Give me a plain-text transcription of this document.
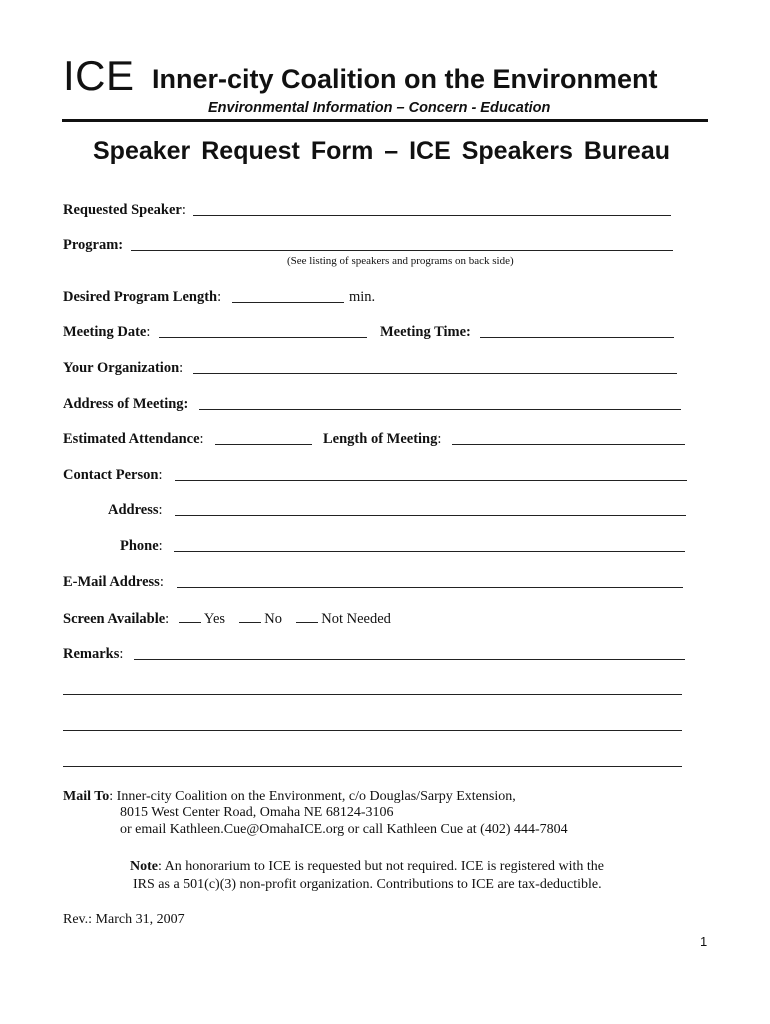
ICE Inner-city Coalition on the Environment
Environmental Information – Concern - Education
Speaker Request Form – ICE Speakers Bureau
Requested Speaker:
Program:
(See listing of speakers and programs on back side)
Desired Program Length:	min.
Meeting Date:	Meeting Time:
Your Organization:
Address of Meeting:
Estimated Attendance:	Length of Meeting:
Contact Person:
Address:
Phone:
E-Mail Address:
Screen Available: Yes	No	Not Needed
Remarks:
Mail To: Inner-city Coalition on the Environment, c/o Douglas/Sarpy Extension,
8015 West Center Road, Omaha NE 68124-3106
or email Kathleen.Cue@OmahaICE.org or call Kathleen Cue at (402) 444-7804
Note: An honorarium to ICE is requested but not required. ICE is registered with the
IRS as a 501(c)(3) non-profit organization. Contributions to ICE are tax-deductible.
Rev.: March 31, 2007
1
